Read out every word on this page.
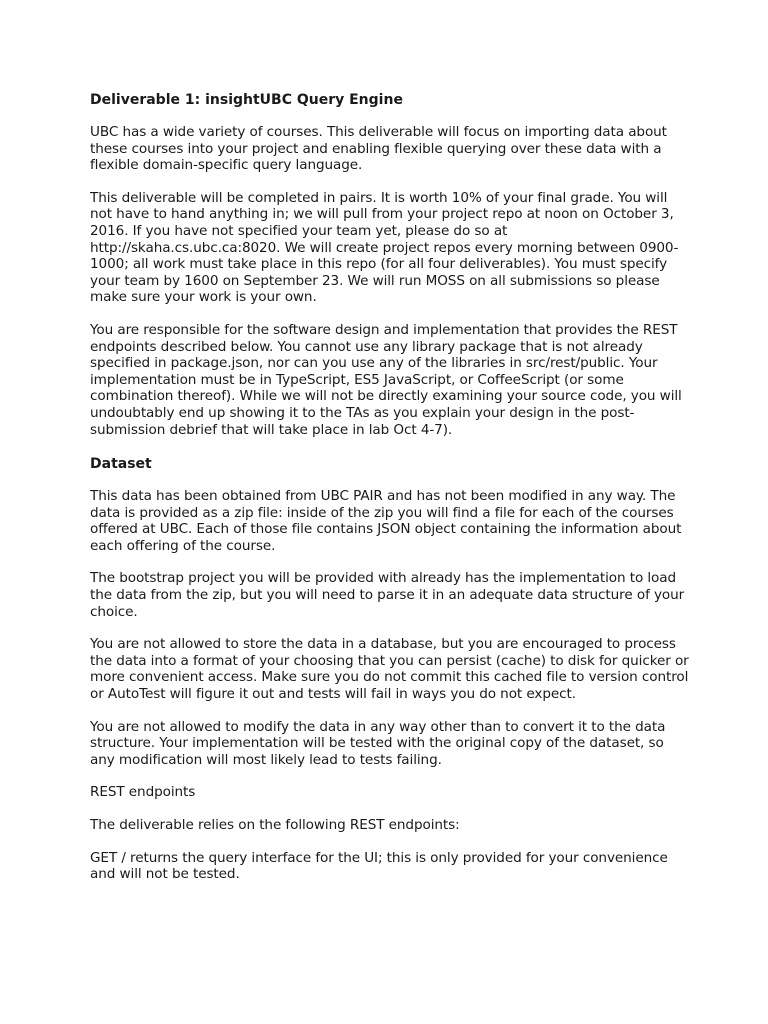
Deliverable 1: insightUBC Query Engine

UBC has a wide variety of courses. This deliverable will focus on importing data about these courses into your project and enabling flexible querying over these data with a flexible domain-specific query language.

This deliverable will be completed in pairs. It is worth 10% of your final grade. You will not have to hand anything in; we will pull from your project repo at noon on October 3, 2016. If you have not specified your team yet, please do so at http://skaha.cs.ubc.ca:8020. We will create project repos every morning between 0900-1000; all work must take place in this repo (for all four deliverables). You must specify your team by 1600 on September 23. We will run MOSS on all submissions so please make sure your work is your own.

You are responsible for the software design and implementation that provides the REST endpoints described below. You cannot use any library package that is not already specified in package.json, nor can you use any of the libraries in src/rest/public. Your implementation must be in TypeScript, ES5 JavaScript, or CoffeeScript (or some combination thereof). While we will not be directly examining your source code, you will undoubtably end up showing it to the TAs as you explain your design in the post-submission debrief that will take place in lab Oct 4-7).

Dataset

This data has been obtained from UBC PAIR and has not been modified in any way. The data is provided as a zip file: inside of the zip you will find a file for each of the courses offered at UBC. Each of those file contains JSON object containing the information about each offering of the course.

The bootstrap project you will be provided with already has the implementation to load the data from the zip, but you will need to parse it in an adequate data structure of your choice.

You are not allowed to store the data in a database, but you are encouraged to process the data into a format of your choosing that you can persist (cache) to disk for quicker or more convenient access. Make sure you do not commit this cached file to version control or AutoTest will figure it out and tests will fail in ways you do not expect.

You are not allowed to modify the data in any way other than to convert it to the data structure. Your implementation will be tested with the original copy of the dataset, so any modification will most likely lead to tests failing.

REST endpoints

The deliverable relies on the following REST endpoints:

GET / returns the query interface for the UI; this is only provided for your convenience and will not be tested.
